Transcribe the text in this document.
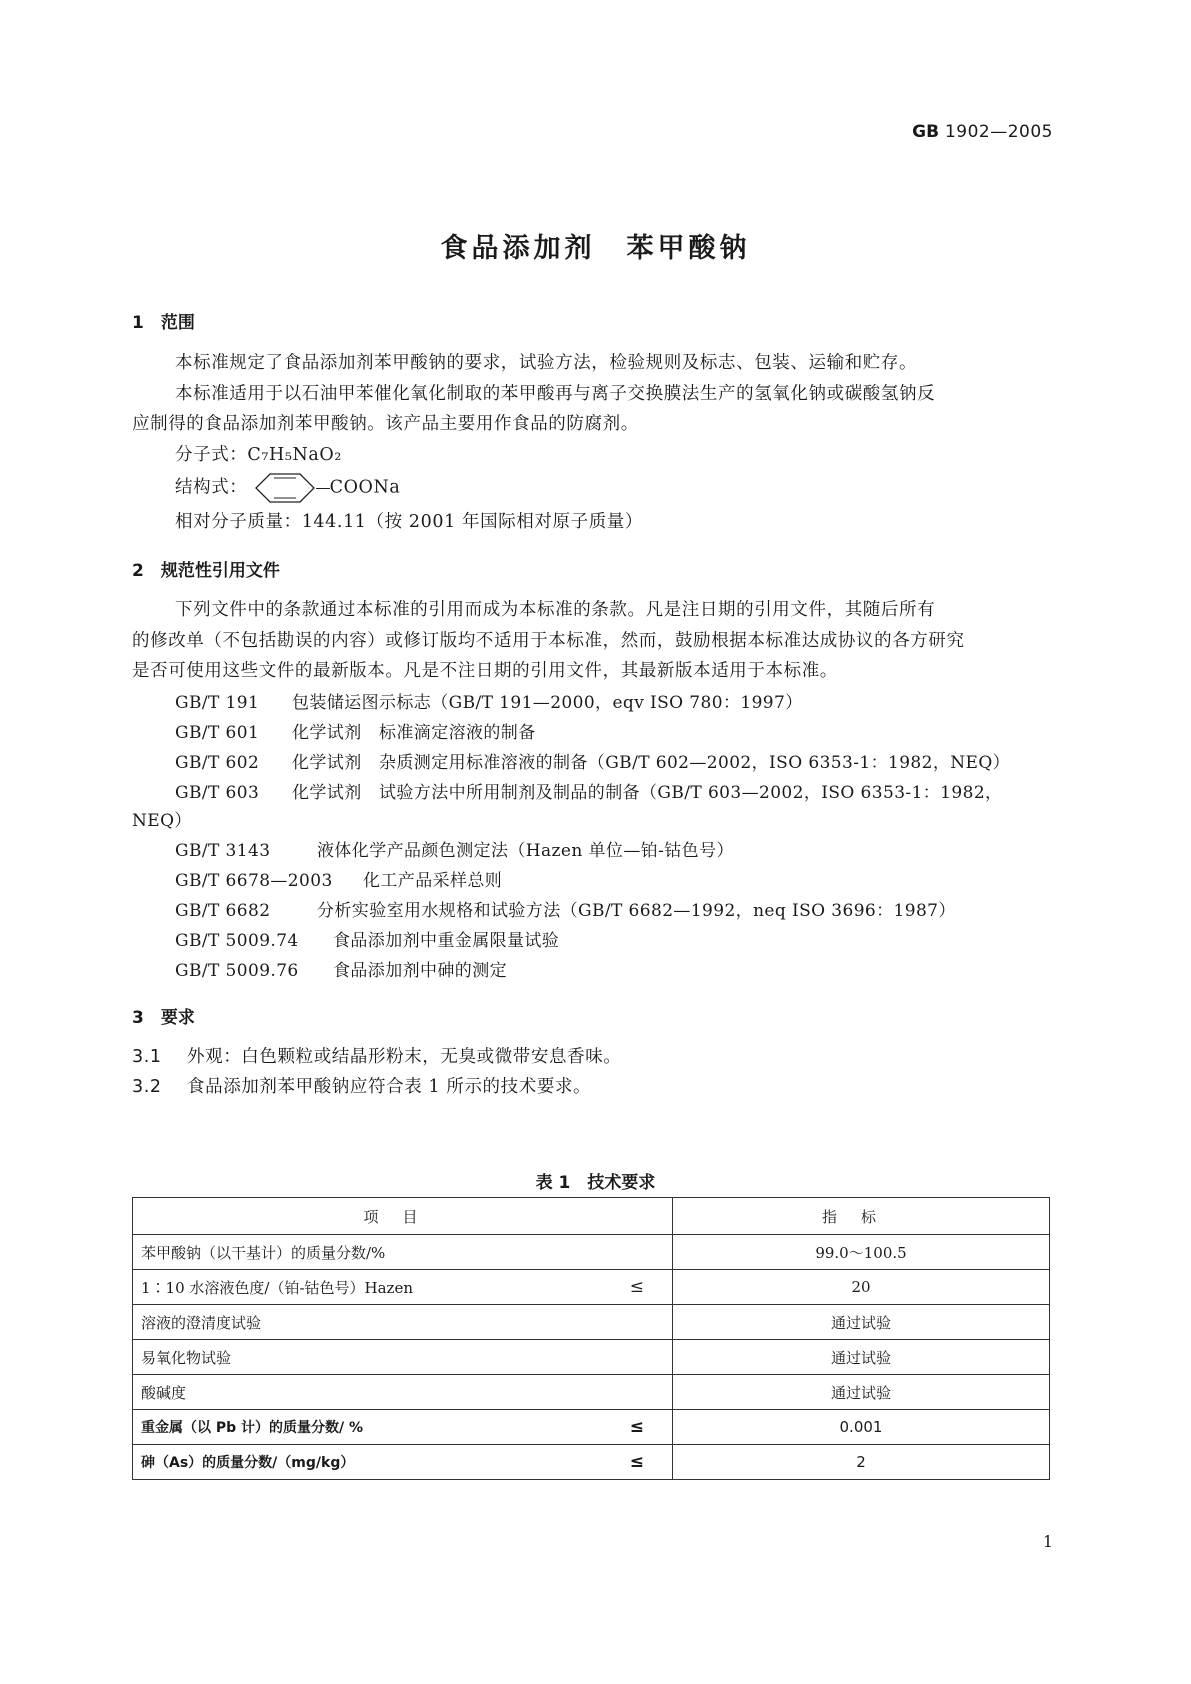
GB 1902—2005
食品添加剂　苯甲酸钠
1　范围
本标准规定了食品添加剂苯甲酸钠的要求，试验方法，检验规则及标志、包装、运输和贮存。
本标准适用于以石油甲苯催化氧化制取的苯甲酸再与离子交换膜法生产的氢氧化钠或碳酸氢钠反
应制得的食品添加剂苯甲酸钠。该产品主要用作食品的防腐剂。
分子式：C₇H₅NaO₂
结构式：	COONa
相对分子质量：144.11（按 2001 年国际相对原子质量）
2　规范性引用文件
下列文件中的条款通过本标准的引用而成为本标准的条款。凡是注日期的引用文件，其随后所有
的修改单（不包括勘误的内容）或修订版均不适用于本标准，然而，鼓励根据本标准达成协议的各方研究
是否可使用这些文件的最新版本。凡是不注日期的引用文件，其最新版本适用于本标准。
GB/T 191 包装储运图示标志（GB/T 191—2000，eqv ISO 780：1997）
GB/T 601 化学试剂　标准滴定溶液的制备
GB/T 602 化学试剂　杂质测定用标准溶液的制备（GB/T 602—2002，ISO 6353-1：1982，NEQ）
GB/T 603 化学试剂　试验方法中所用制剂及制品的制备（GB/T 603—2002，ISO 6353-1：1982，
NEQ）
GB/T 3143	液体化学产品颜色测定法（Hazen 单位—铂-钴色号）
GB/T 6678—2003 化工产品采样总则
GB/T 6682	分析实验室用水规格和试验方法（GB/T 6682—1992，neq ISO 3696：1987）
GB/T 5009.74 食品添加剂中重金属限量试验
GB/T 5009.76 食品添加剂中砷的测定
3　要求
3.1 外观：白色颗粒或结晶形粉末，无臭或微带安息香味。
3.2 食品添加剂苯甲酸钠应符合表 1 所示的技术要求。
表 1　技术要求
项目	指标
苯甲酸钠（以干基计）的质量分数/%	99.0～100.5
1∶10 水溶液色度/（铂-钴色号）Hazen ≤	20
溶液的澄清度试验	通过试验
易氧化物试验	通过试验
酸碱度	通过试验
重金属（以 Pb 计）的质量分数/ % ≤	0.001
砷（As）的质量分数/（mg/kg） ≤	2
1
